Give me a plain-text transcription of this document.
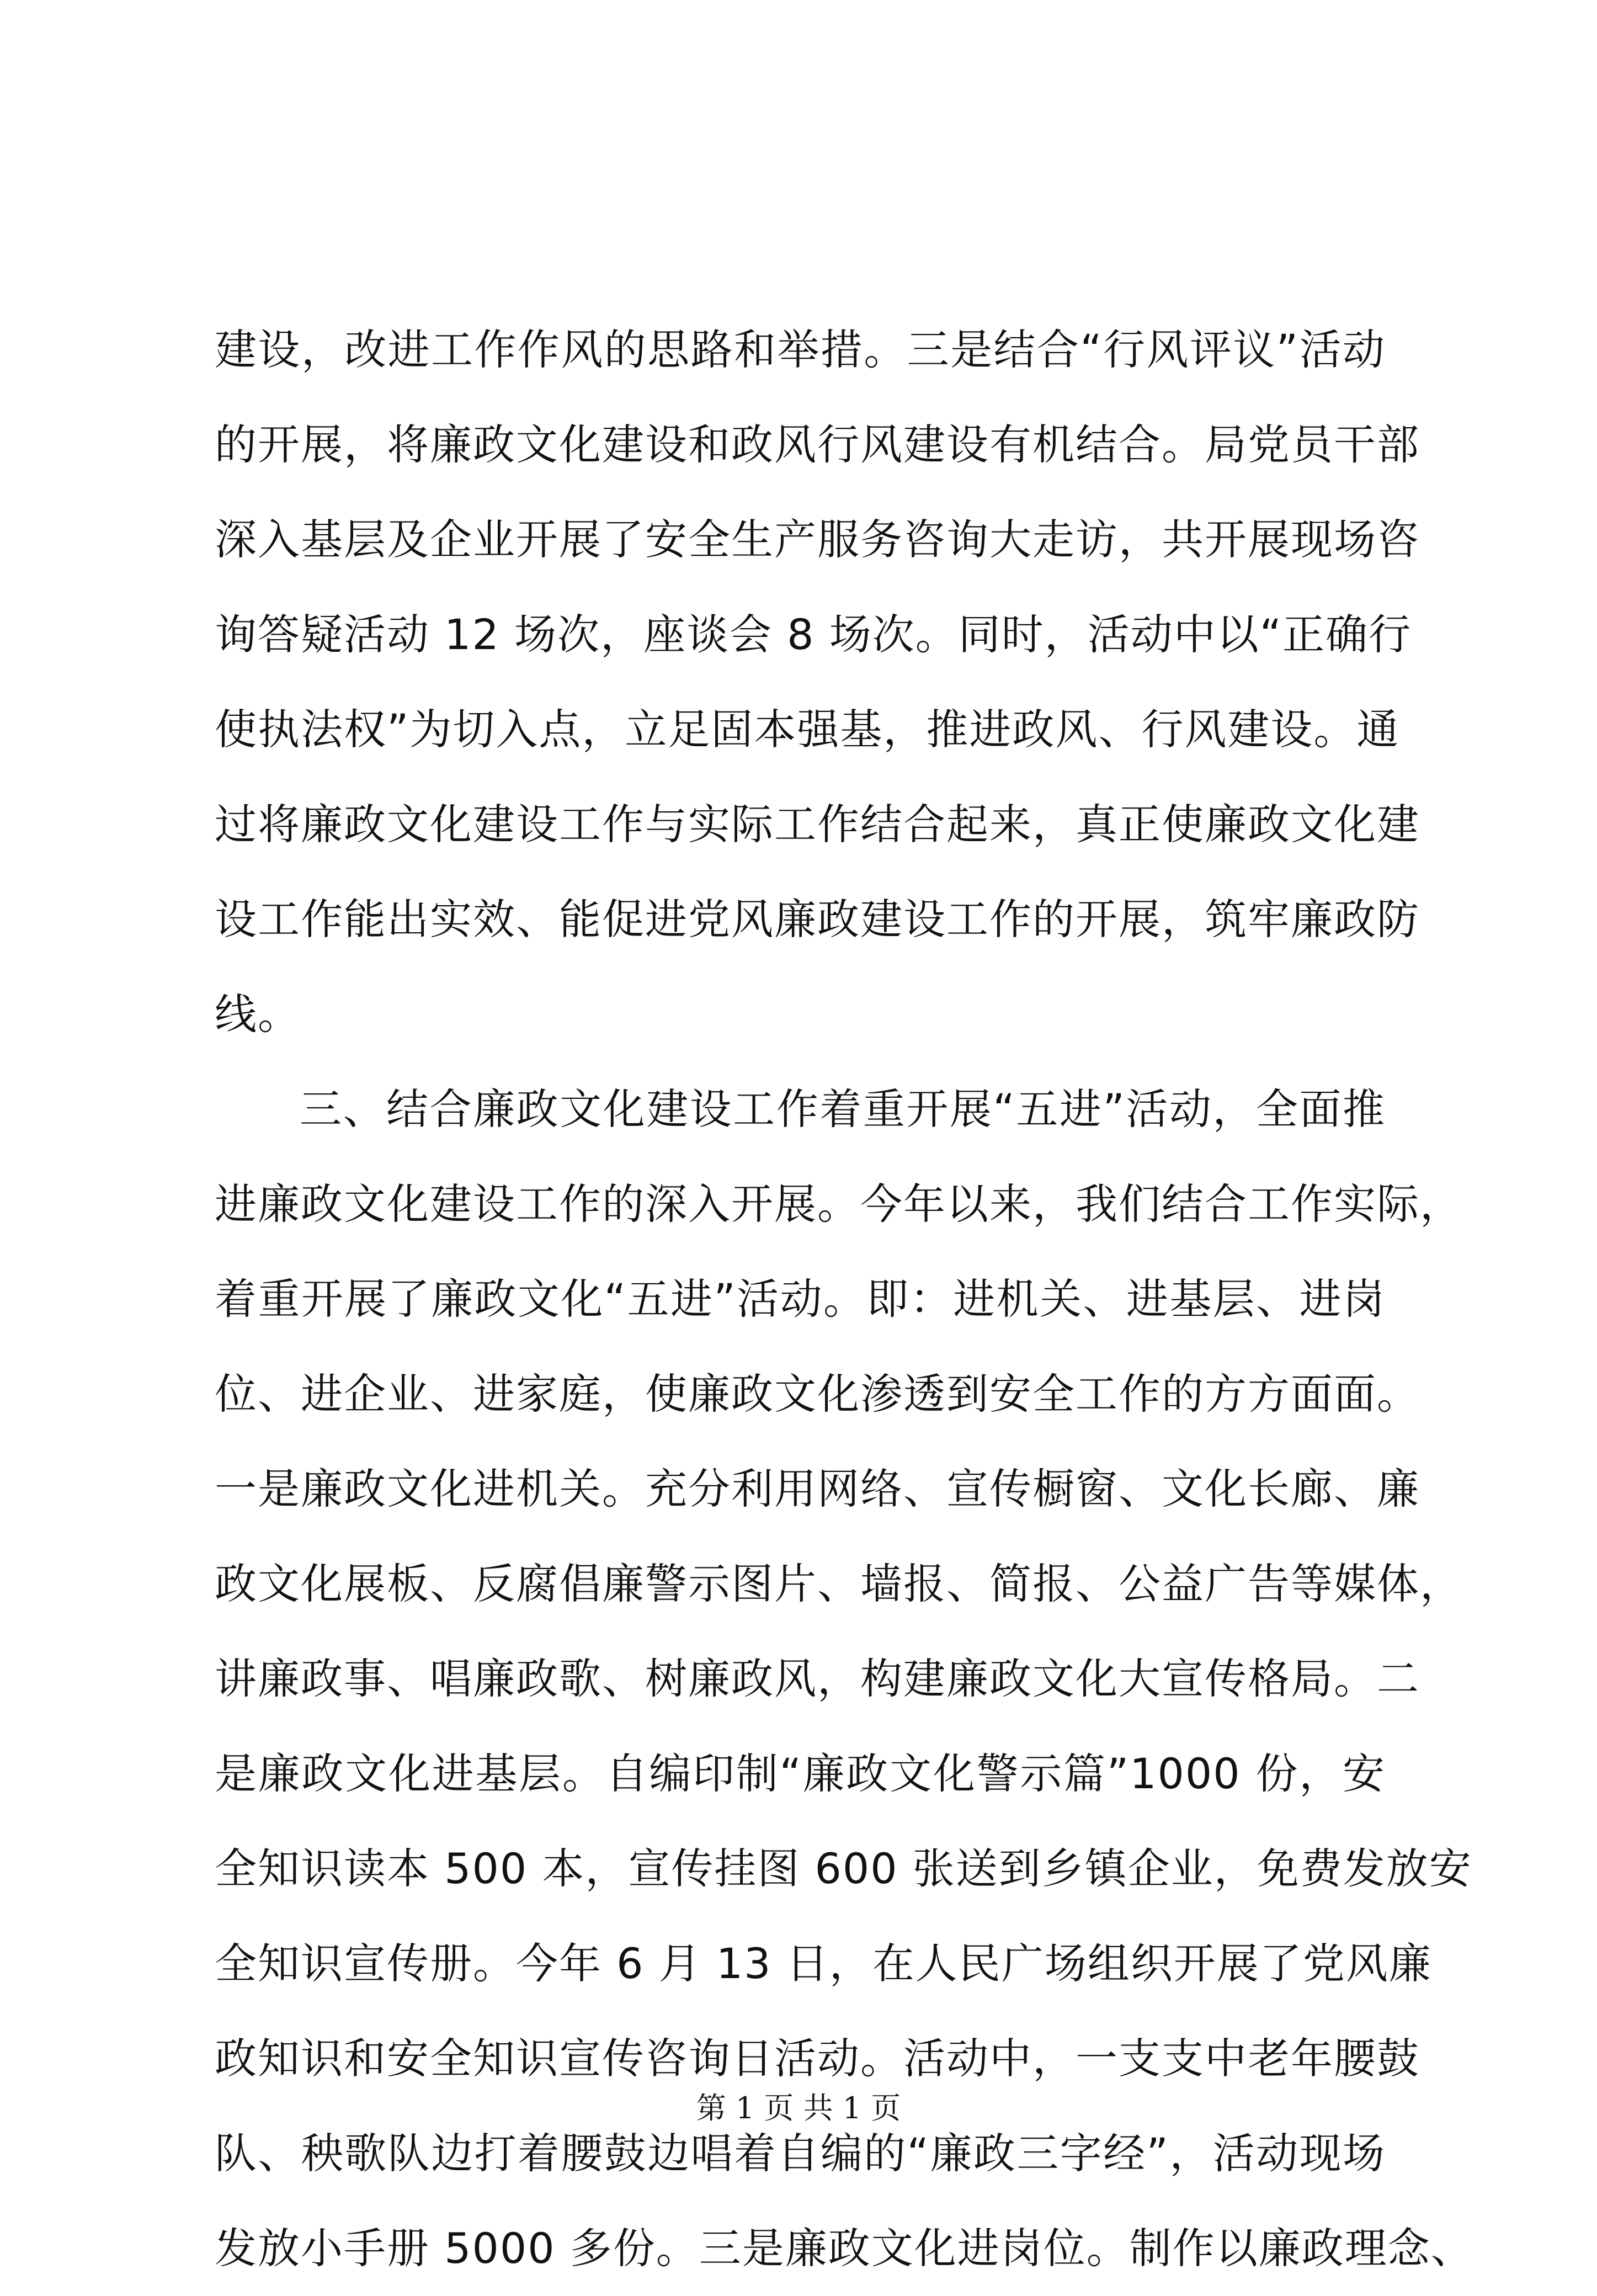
建设，改进工作作风的思路和举措。三是结合“行风评议”活动
的开展，将廉政文化建设和政风行风建设有机结合。局党员干部
深入基层及企业开展了安全生产服务咨询大走访，共开展现场咨
询答疑活动 12 场次，座谈会 8 场次。同时，活动中以“正确行
使执法权”为切入点，立足固本强基，推进政风、行风建设。通
过将廉政文化建设工作与实际工作结合起来，真正使廉政文化建
设工作能出实效、能促进党风廉政建设工作的开展，筑牢廉政防
线。
三、结合廉政文化建设工作着重开展“五进”活动，全面推
进廉政文化建设工作的深入开展。今年以来，我们结合工作实际，
着重开展了廉政文化“五进”活动。即：进机关、进基层、进岗
位、进企业、进家庭，使廉政文化渗透到安全工作的方方面面。
一是廉政文化进机关。充分利用网络、宣传橱窗、文化长廊、廉
政文化展板、反腐倡廉警示图片、墙报、简报、公益广告等媒体，
讲廉政事、唱廉政歌、树廉政风，构建廉政文化大宣传格局。二
是廉政文化进基层。自编印制“廉政文化警示篇”1000 份，安
全知识读本 500 本，宣传挂图 600 张送到乡镇企业，免费发放安
全知识宣传册。今年 6 月 13 日，在人民广场组织开展了党风廉
政知识和安全知识宣传咨询日活动。活动中，一支支中老年腰鼓
队、秧歌队边打着腰鼓边唱着自编的“廉政三字经”，活动现场
发放小手册 5000 多份。三是廉政文化进岗位。制作以廉政理念、
第 1 页 共 1 页
